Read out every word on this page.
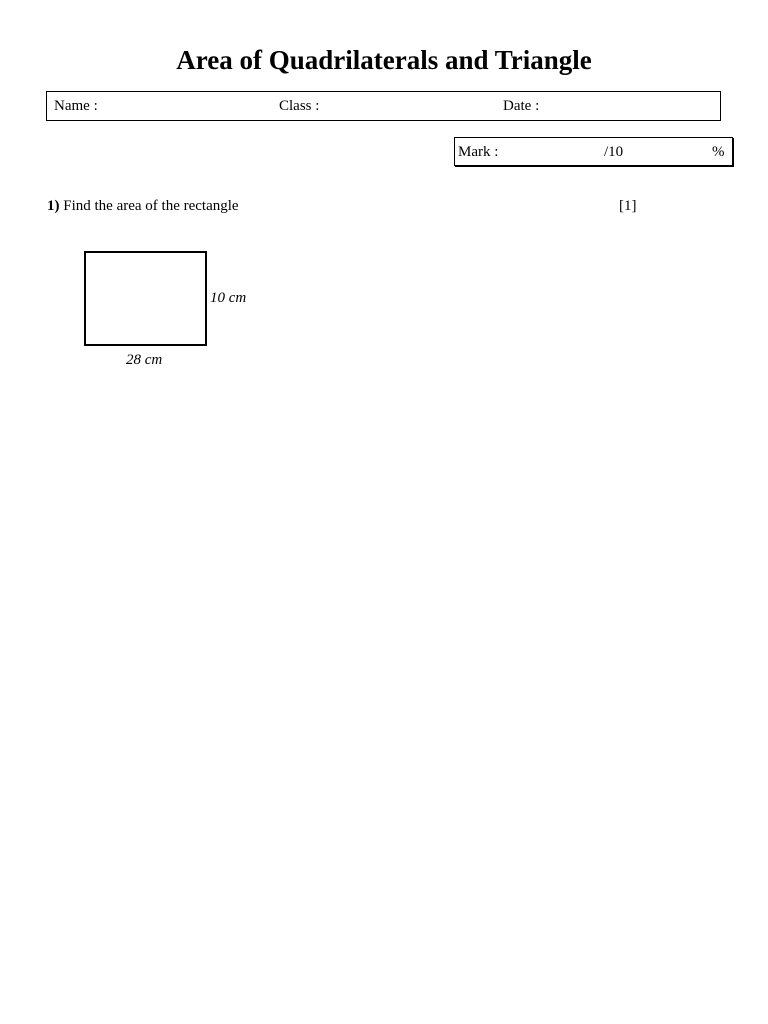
Area of Quadrilaterals and Triangle
Name :	Class :	Date :
Mark :	/10	%
1) Find the area of the rectangle	[1]
10 cm
28 cm
